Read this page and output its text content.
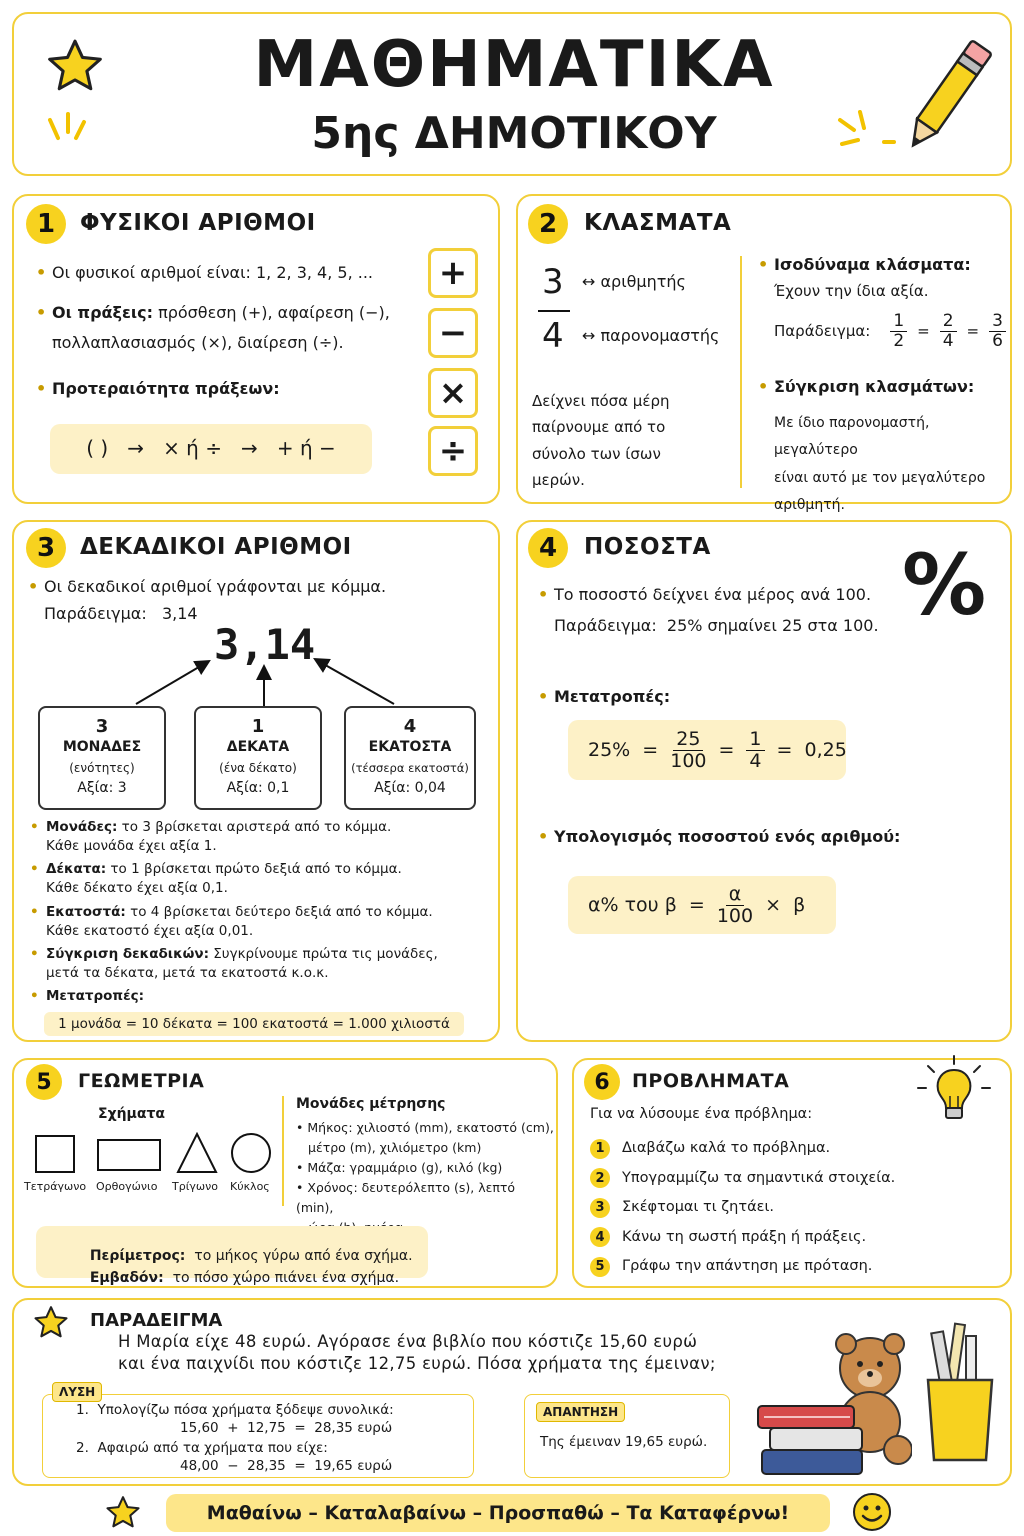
ΜΑΘΗΜΑΤΙΚΑ
5ης ΔΗΜΟΤΙΚΟΥ
1	ΦΥΣΙΚΟΙ ΑΡΙΘΜΟΙ
• Οι φυσικοί αριθμοί είναι: 1, 2, 3, 4, 5, ...
• Οι πράξεις: πρόσθεση (+), αφαίρεση (−),
πολλαπλασιασμός (×), διαίρεση (÷).
• Προτεραιότητα πράξεων:
( )   →   × ή ÷   →   + ή −
+
−
×
÷
2	ΚΛΑΣΜΑΤΑ
3
4
↔ αριθμητής
↔ παρονομαστής
Δείχνει πόσα μέρη
παίρνουμε από το
σύνολο των ίσων
μερών.
• Ισοδύναμα κλάσματα:
Έχουν την ίδια αξία.
Παράδειγμα: $\frac{1}{2} = \frac{2}{4} = \frac{3}{6}$
• Σύγκριση κλασμάτων:
Με ίδιο παρονομαστή, μεγαλύτερο
είναι αυτό με τον μεγαλύτερο
αριθμητή.
3	ΔΕΚΑΔΙΚΟΙ ΑΡΙΘΜΟΙ
• Οι δεκαδικοί αριθμοί γράφονται με κόμμα.
Παράδειγμα:   3,14
3,14
3
ΜΟΝΑΔΕΣ
(ενότητες)
Αξία: 3
1
ΔΕΚΑΤΑ
(ένα δέκατο)
Αξία: 0,1
4
ΕΚΑΤΟΣΤΑ
(τέσσερα εκατοστά)
Αξία: 0,04
• Μονάδες: το 3 βρίσκεται αριστερά από το κόμμα.
Κάθε μονάδα έχει αξία 1.
• Δέκατα: το 1 βρίσκεται πρώτο δεξιά από το κόμμα.
Κάθε δέκατο έχει αξία 0,1.
• Εκατοστά: το 4 βρίσκεται δεύτερο δεξιά από το κόμμα.
Κάθε εκατοστό έχει αξία 0,01.
• Σύγκριση δεκαδικών: Συγκρίνουμε πρώτα τις μονάδες,
μετά τα δέκατα, μετά τα εκατοστά κ.ο.κ.
• Μετατροπές:
1 μονάδα = 10 δέκατα = 100 εκατοστά = 1.000 χιλιοστά
4	ΠΟΣΟΣΤΑ %
• Το ποσοστό δείχνει ένα μέρος ανά 100.
Παράδειγμα:  25% σημαίνει 25 στα 100.
• Μετατροπές:
$25\% = \frac{25}{100} = \frac{1}{4} = 0,25$
• Υπολογισμός ποσοστού ενός αριθμού:
α% του $\beta = \frac{\alpha}{100} \times \beta$
5	ΓΕΩΜΕΤΡΙΑ
Σχήματα
Τετράγωνο Ορθογώνιο Τρίγωνο Κύκλος
Μονάδες μέτρησης
• Μήκος: χιλιοστό (mm), εκατοστό (cm),
μέτρο (m), χιλιόμετρο (km)
• Μάζα: γραμμάριο (g), κιλό (kg)
• Χρόνος: δευτερόλεπτο (s), λεπτό (min),

Περίμετρος:  το μήκος γύρω από ένα σχήμα.

Εμβαδόν:  το πόσο χώρο πιάνει ένα σχήμα.

6	ΠΡΟΒΛΗΜΑΤΑ
Για να λύσουμε ένα πρόβλημα:
1 Διαβάζω καλά το πρόβλημα.
2 Υπογραμμίζω τα σημαντικά στοιχεία.
3 Σκέφτομαι τι ζητάει.
4 Κάνω τη σωστή πράξη ή πράξεις.
5 Γράφω την απάντηση με πρόταση.
ΠΑΡΑΔΕΙΓΜΑ
Η Μαρία είχε 48 ευρώ. Αγόρασε ένα βιβλίο που κόστιζε 15,60 ευρώ
και ένα παιχνίδι που κόστιζε 12,75 ευρώ. Πόσα χρήματα της έμειναν;
ΛΥΣΗ
1.  Υπολογίζω πόσα χρήματα ξόδεψε συνολικά:
15,60  +  12,75  =  28,35 ευρώ
2.  Αφαιρώ από τα χρήματα που είχε:
48,00  −  28,35  =  19,65 ευρώ
ΑΠΑΝΤΗΣΗ
Της έμειναν 19,65 ευρώ.
Μαθαίνω – Καταλαβαίνω – Προσπαθώ – Τα Καταφέρνω!
